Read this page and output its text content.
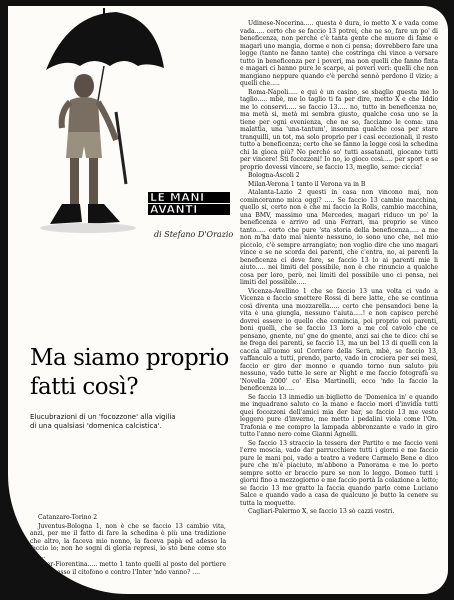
LE MANI
AVANTI
di Stefano D'Orazio
Ma siamo proprio fatti così?
Elucubrazioni di un 'focozzone' alla vigilia di una qualsiasi 'domenica calcistica'.

Catanzaro-Torino 2

Juventus-Bologna 1, non è che se faccio 13 cambio vita, anzi, per me il fatto di fare la schedina è più una tradizione che altro, la faceva mio nonno, la faceva papà ed adesso la faccio io; non ho sogni di gloria represi, io sto bene come sto io.....

Inter-Fiorentina..... metto 1 tanto quelli al posto del portiere hanno messo il citofono e contro l'Inter 'ndo vanno? ....

Udinese-Nocerina..... questa è dura, io metto X e vada come vada..... certo che se faccio 13 potrei, che ne so, fare un po' di beneficenza, non perché c'è tanta gente che muore di fame e magari uno mangia, dorme e non ci pensa; dovrebbero fare una legge (tanto ne fanno tante) che costringa chi vince a versare tutto in beneficenza per i poveri, ma non quelli che fanno finta e magari ci hanno pure le scarpe, ai poveri veri: quelli che non mangiano neppure quando c'è perché sennò perdono il vizio; a quelli che.....

Roma-Napoli..... e qui è un casino, se sbaglio questa me lo taglio..... mbè, me lo taglio ti fa per dire, metto X e che Iddio me lo conservi..... se faccio 13..... no, tutto in beneficenza no, ma metà sì, metà mi sembra giusto, qualche cosa uno se la tiene per ogni evenienza, che ne so, facciamo le coma: una malattia, una 'una-tantum', insomma qualche cosa per stare tranquilli, un tot, ma solo proprio per i casi eccezionali, il resto tutto a beneficenza; certo che se fanno la legge così la schedina chi la gioca più? No perché so' tutti assatanati, giocano tutti per vincere! Sti focozzoni! Io no, io gioco così..... per sport e se proprio dovessi vincere, se faccio 13, meglio, semo: ciccia!

Bologna-Ascoli 2

Milan-Verona 1 tanto il Verona va in B

Atalanta-Lazio 2 questi in casa non vincono mai, non cominceranno mica oggi? ..... Se faccio 13 cambio macchina, quello sì, certo non è che mi faccio la Rolls, cambio macchina, una BMV, massimo una Mercedes, magari riduco un po' la beneficenza e arrivo ad una Ferrari, ma proprio se vinco tanto..... certo che pure 'sta storia della beneficenza..... a me non m'ha dato mai niente nessuno, io sono uno che, nel mio piccolo, c'è sempre arrangiato; non voglio dire che uno magari vince e se ne scorda dei parenti, che c'entra, no, ai parenti la beneficenza ci deve fare, se faccio 13 io ai parenti mie li aiuto..... nei limiti del possibile, non è che rinuncio a qualche cosa per loro, però, nei limiti del possibile uno ci pensa, nei limiti del possibile.....

Vicenza-Avellino 1 che se faccio 13 una volta ci vado a Vicenza e faccio smettere Rossi di bere latte, che se continua così diventa una mozzarella..... certo che pensandoci bene la vita è una giungla, nessuno t'aiuta.....! e non capisco perché dovrei essere io quello che comincia, poi proprio coi parenti, boni quelli, che se faccio 13 loro a me col cavolo che ce pensano, gnente, nu' gne do gnente, anzi sai che te dico: chi se ne frega dei parenti, se faccio 13, ma un bel 13 di quelli con la caccia all'uomo sul Corriere della Sera, mbè, se faccio 13, vaffanculo a tutti, prendo, parto, vado in crociera per sei mesi, faccio er giro der monno e quando torno nun saluto più nessuno, vado tutte le sere ar Night e me faccio fotografà su 'Novella 2000' co' Elsa Martinelli, ecco 'ndo la faccio la beneficenza io.....

Se faccio 13 inmedio un biglietto de 'Domenica in' e quando me inquadrano saluto co la mano e faccio mori d'invidia tutti quei focozzoni dell'amici mia der bar, se faccio 13 me vesto leggero pure d'inverno, me metto i pedalini viola come l'On. Trafonia e me compro la lampada abbronzante e vado in giro tutto l'anno nero come Gianni Agnelli.

Se faccio 13 straccio la tessera der Partito e me faccio veni l'erre moscia, vado dar parrucchiere tutti i giorni e me faccio pure le mani poi, vado a teatro a vedere Carmelo Bene e dico pure che m'è piaciuto, m'abbono a Panorama e me lo porto sempre sotto er braccio pure se non lo leggo. Domeo tutti i giorni fino a mezzogiorno e me faccio portà la colazione a letto; se faccio 13 me gratto la faccia quando parlo come Luciano Salce e quando vado a casa de qualcuno je butto la cenere su tutta la moquette.

Cagliari-Palermo X, se faccio 13 sò cazzi vostri.
